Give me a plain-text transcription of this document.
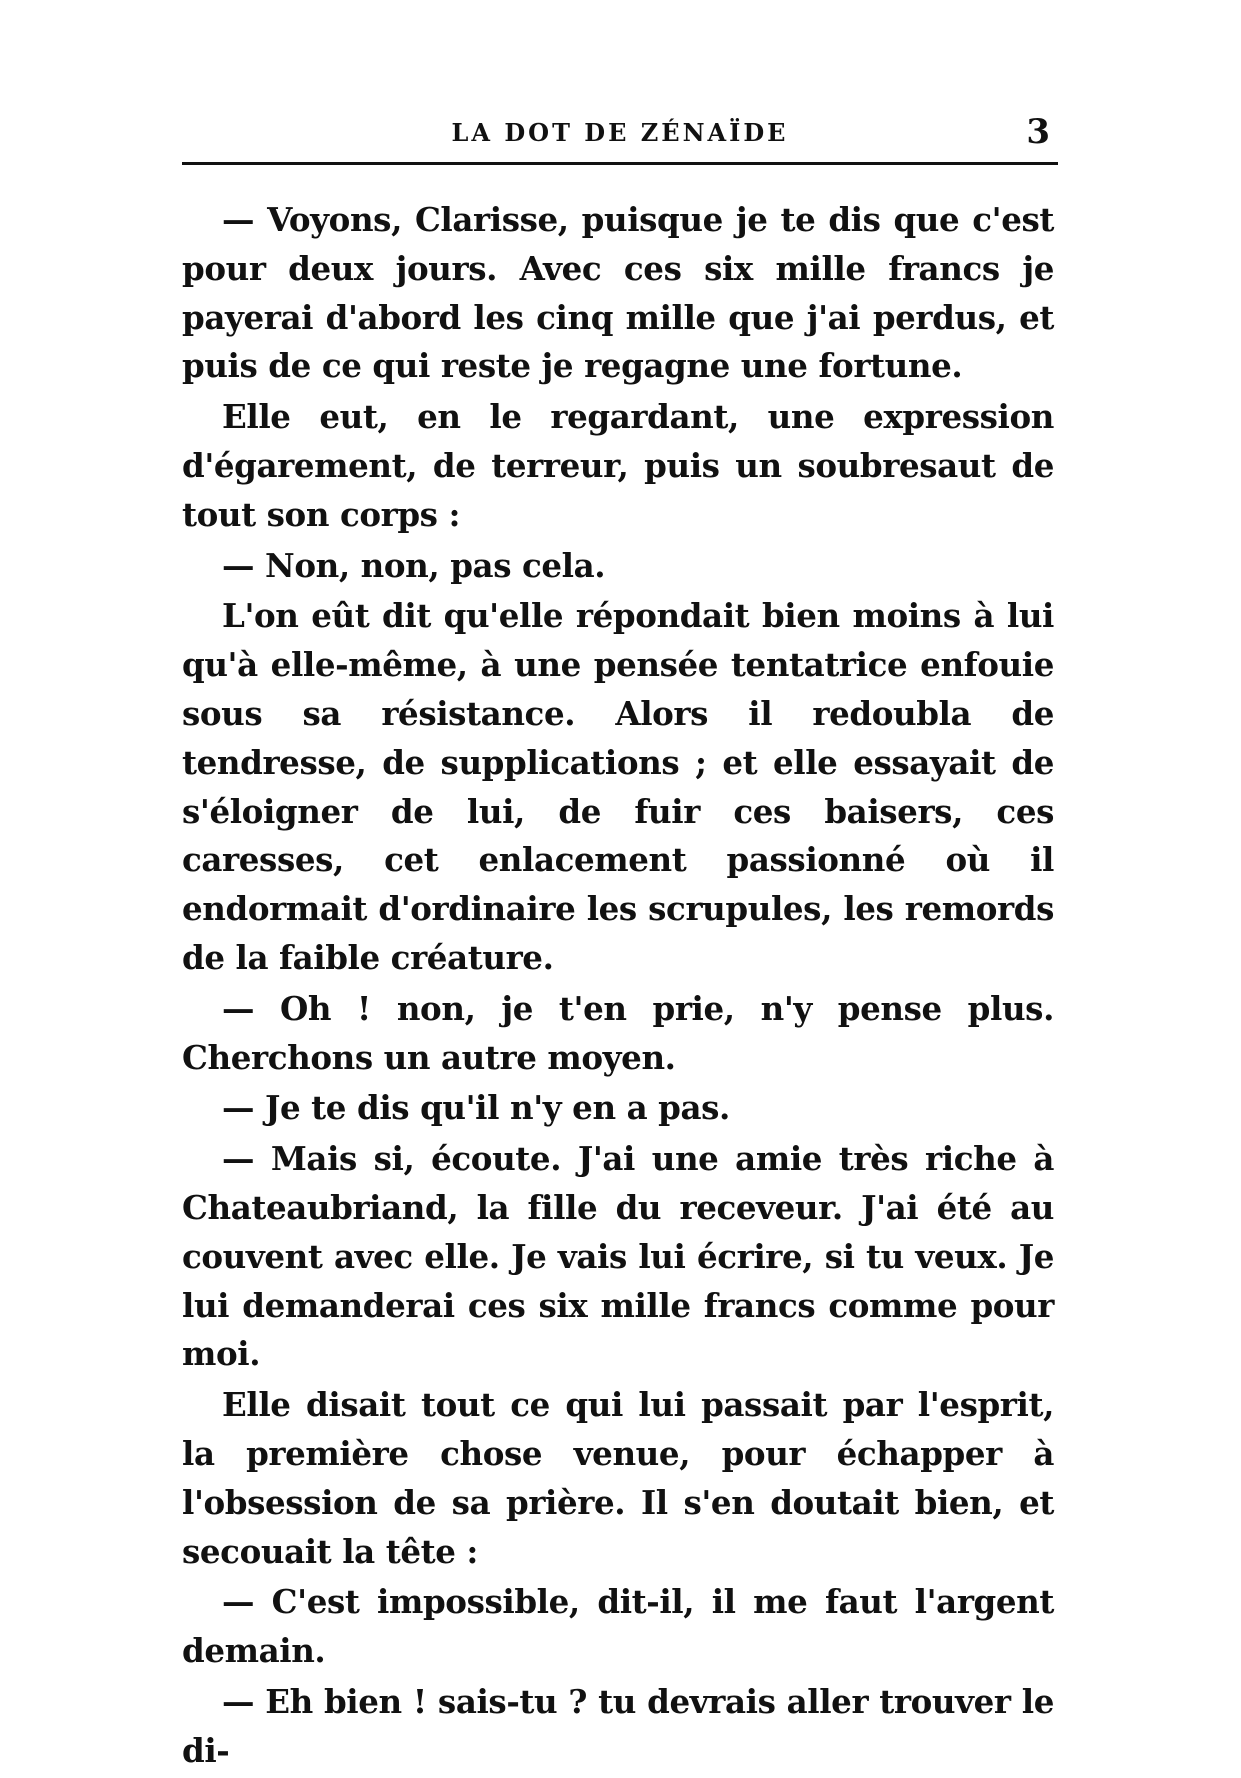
LA DOT DE ZÉNAÏDE	3

— Voyons, Clarisse, puisque je te dis que c'est pour deux jours. Avec ces six mille francs je payerai d'abord les cinq mille que j'ai perdus, et puis de ce qui reste je regagne une fortune.

Elle eut, en le regardant, une expression d'égarement, de terreur, puis un soubresaut de tout son corps :

— Non, non, pas cela.

L'on eût dit qu'elle répondait bien moins à lui qu'à elle-même, à une pensée tentatrice enfouie sous sa résistance. Alors il redoubla de tendresse, de supplications ; et elle essayait de s'éloigner de lui, de fuir ces baisers, ces caresses, cet enlacement passionné où il endormait d'ordinaire les scrupules, les remords de la faible créature.

— Oh ! non, je t'en prie, n'y pense plus. Cherchons un autre moyen.

— Je te dis qu'il n'y en a pas.

— Mais si, écoute. J'ai une amie très riche à Chateaubriand, la fille du receveur. J'ai été au couvent avec elle. Je vais lui écrire, si tu veux. Je lui demanderai ces six mille francs comme pour moi.

Elle disait tout ce qui lui passait par l'esprit, la première chose venue, pour échapper à l'obsession de sa prière. Il s'en doutait bien, et secouait la tête :

— C'est impossible, dit-il, il me faut l'argent demain.

— Eh bien ! sais-tu ? tu devrais aller trouver le di-
